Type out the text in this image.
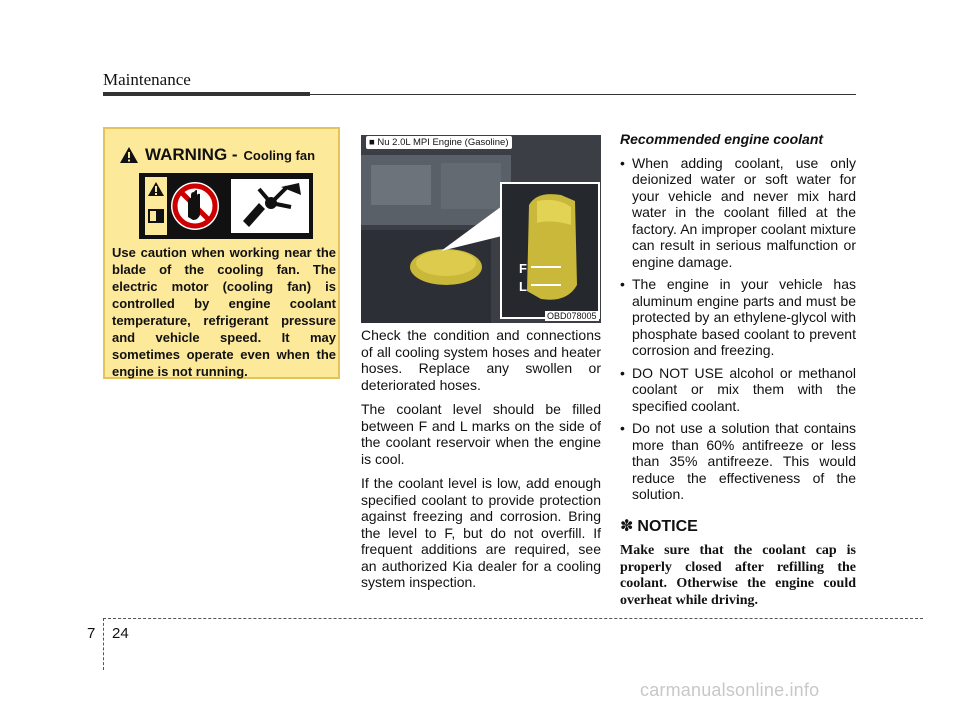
Maintenance
WARNING - Cooling fan
Use caution when working near the blade of the cooling fan. The electric motor (cooling fan) is controlled by engine coolant temperature, refrigerant pressure and vehicle speed. It may sometimes operate even when the engine is not running.
F
L
■ Nu 2.0L MPI Engine (Gasoline)
OBD078005

Check the condition and connections of all cooling system hoses and heater hoses. Replace any swollen or deteriorated hoses.

The coolant level should be filled between F and L marks on the side of the coolant reservoir when the engine is cool.

If the coolant level is low, add enough specified coolant to provide protection against freezing and corrosion. Bring the level to F, but do not overfill. If frequent additions are required, see an authorized Kia dealer for a cooling system inspection.

Recommended engine coolant
• When adding coolant, use only deionized water or soft water for your vehicle and never mix hard water in the coolant filled at the factory. An improper coolant mixture can result in serious malfunction or engine damage.
• The engine in your vehicle has aluminum engine parts and must be protected by an ethylene-glycol with phosphate based coolant to prevent corrosion and freezing.
• DO NOT USE alcohol or methanol coolant or mix them with the specified coolant.
• Do not use a solution that contains more than 60% antifreeze or less than 35% antifreeze. This would reduce the effectiveness of the solution.
✽ NOTICE

Make sure that the coolant cap is properly closed after refilling the coolant. Otherwise the engine could overheat while driving.

7 24
carmanualsonline.info
